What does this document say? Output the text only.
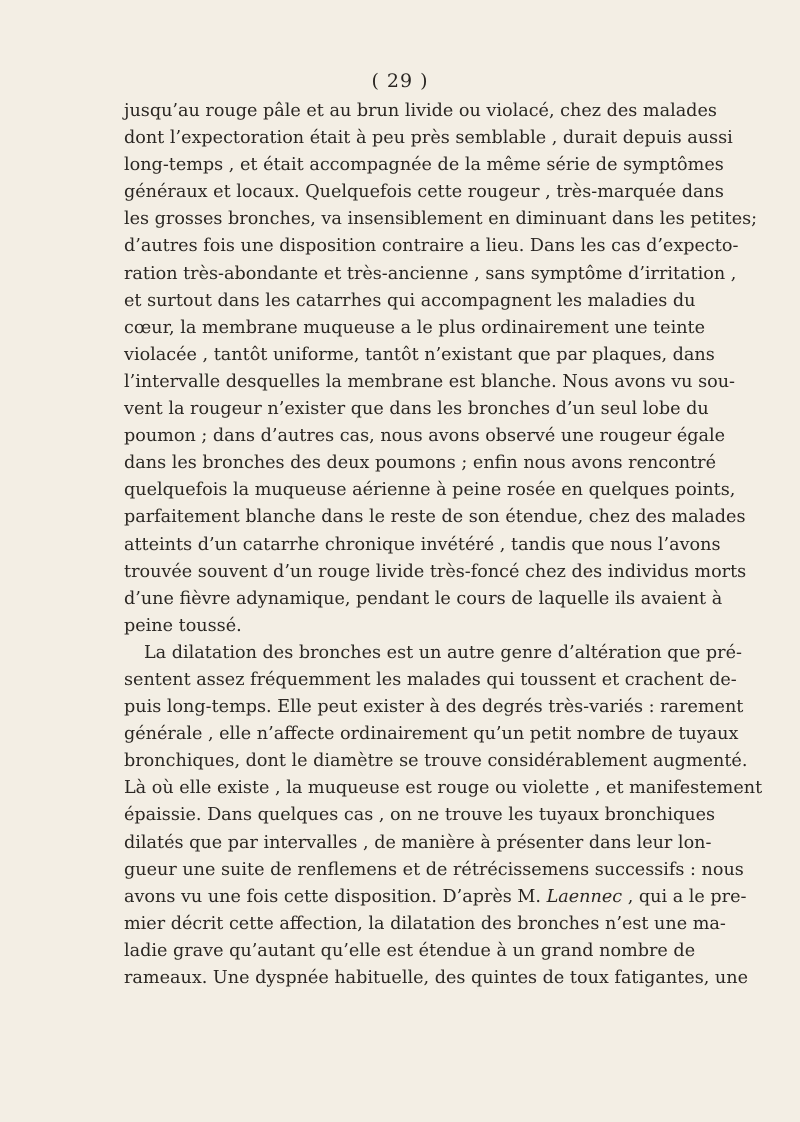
( 29 )
jusqu’au rouge pâle et au brun livide ou violacé, chez des malades
dont l’expectoration était à peu près semblable , durait depuis aussi
long-temps , et était accompagnée de la même série de symptômes
généraux et locaux. Quelquefois cette rougeur , très-marquée dans
les grosses bronches, va insensiblement en diminuant dans les petites;
d’autres fois une disposition contraire a lieu. Dans les cas d’expecto-
ration très-abondante et très-ancienne , sans symptôme d’irritation ,
et surtout dans les catarrhes qui accompagnent les maladies du
cœur, la membrane muqueuse a le plus ordinairement une teinte
violacée , tantôt uniforme, tantôt n’existant que par plaques, dans
l’intervalle desquelles la membrane est blanche. Nous avons vu sou-
vent la rougeur n’exister que dans les bronches d’un seul lobe du
poumon ; dans d’autres cas, nous avons observé une rougeur égale
dans les bronches des deux poumons ; enfin nous avons rencontré
quelquefois la muqueuse aérienne à peine rosée en quelques points,
parfaitement blanche dans le reste de son étendue, chez des malades
atteints d’un catarrhe chronique invétéré , tandis que nous l’avons
trouvée souvent d’un rouge livide très-foncé chez des individus morts
d’une fièvre adynamique, pendant le cours de laquelle ils avaient à
peine toussé.
La dilatation des bronches est un autre genre d’altération que pré-
sentent assez fréquemment les malades qui toussent et crachent de-
puis long-temps. Elle peut exister à des degrés très-variés : rarement
générale , elle n’affecte ordinairement qu’un petit nombre de tuyaux
bronchiques, dont le diamètre se trouve considérablement augmenté.
Là où elle existe , la muqueuse est rouge ou violette , et manifestement
épaissie. Dans quelques cas , on ne trouve les tuyaux bronchiques
dilatés que par intervalles , de manière à présenter dans leur lon-
gueur une suite de renflemens et de rétrécissemens successifs : nous
avons vu une fois cette disposition. D’après M. Laennec , qui a le pre-
mier décrit cette affection, la dilatation des bronches n’est une ma-
ladie grave qu’autant qu’elle est étendue à un grand nombre de
rameaux. Une dyspnée habituelle, des quintes de toux fatigantes, une
